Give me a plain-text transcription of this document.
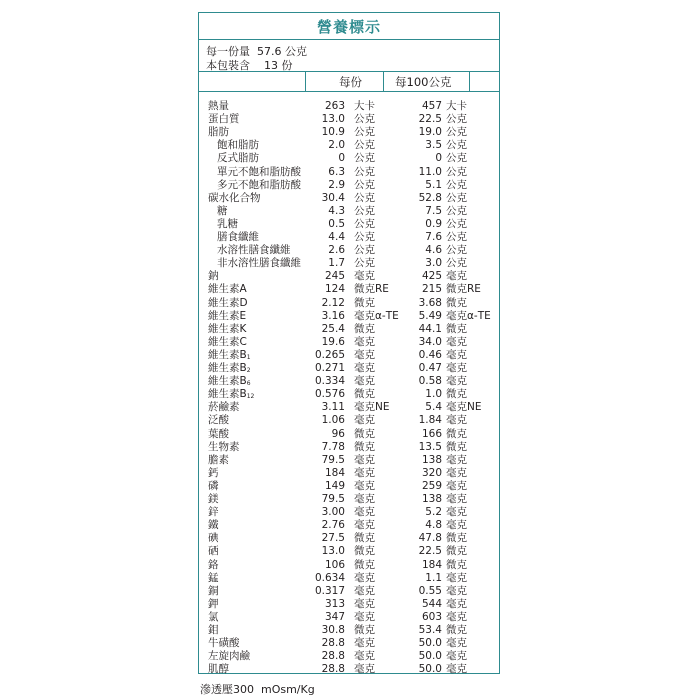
營養標示
每一份量  57.6 公克
本包裝含    13 份
每份	每100公克
熱量	263 大卡	457 大卡
蛋白質	13.0 公克	22.5 公克
脂肪	10.9 公克	19.0 公克
飽和脂肪	2.0 公克	3.5 公克
反式脂肪	0 公克	0 公克
單元不飽和脂肪酸	6.3 公克	11.0 公克
多元不飽和脂肪酸	2.9 公克	5.1 公克
碳水化合物	30.4 公克	52.8 公克
糖	4.3 公克	7.5 公克
乳糖	0.5 公克	0.9 公克
膳食纖維	4.4 公克	7.6 公克
水溶性膳食纖維	2.6 公克	4.6 公克
非水溶性膳食纖維	1.7 公克	3.0 公克
鈉	245 毫克	425 毫克
維生素A	124 微克RE	215 微克RE
維生素D	2.12 微克	3.68 微克
維生素E	3.16 毫克α-TE	5.49 毫克α-TE
維生素K	25.4 微克	44.1 微克
維生素C	19.6 毫克	34.0 毫克
維生素$B_1$	0.265 毫克	0.46 毫克
維生素$B_2$	0.271 毫克	0.47 毫克
維生素$B_6$	0.334 毫克	0.58 毫克
維生素$B_{12}$	0.576 微克	1.0 微克
菸鹼素	3.11 毫克NE	5.4 毫克NE
泛酸	1.06 毫克	1.84 毫克
葉酸	96 微克	166 微克
生物素	7.78 微克	13.5 微克
膽素	79.5 毫克	138 毫克
鈣	184 毫克	320 毫克
磷	149 毫克	259 毫克
鎂	79.5 毫克	138 毫克
鋅	3.00 毫克	5.2 毫克
鐵	2.76 毫克	4.8 毫克
碘	27.5 微克	47.8 微克
硒	13.0 微克	22.5 微克
鉻	106 微克	184 微克
錳	0.634 毫克	1.1 毫克
銅	0.317 毫克	0.55 毫克
鉀	313 毫克	544 毫克
氯	347 毫克	603 毫克
鉬	30.8 微克	53.4 微克
牛磺酸	28.8 毫克	50.0 毫克
左旋肉鹼	28.8 毫克	50.0 毫克
肌醇	28.8 毫克	50.0 毫克
滲透壓300  mOsm/Kg
